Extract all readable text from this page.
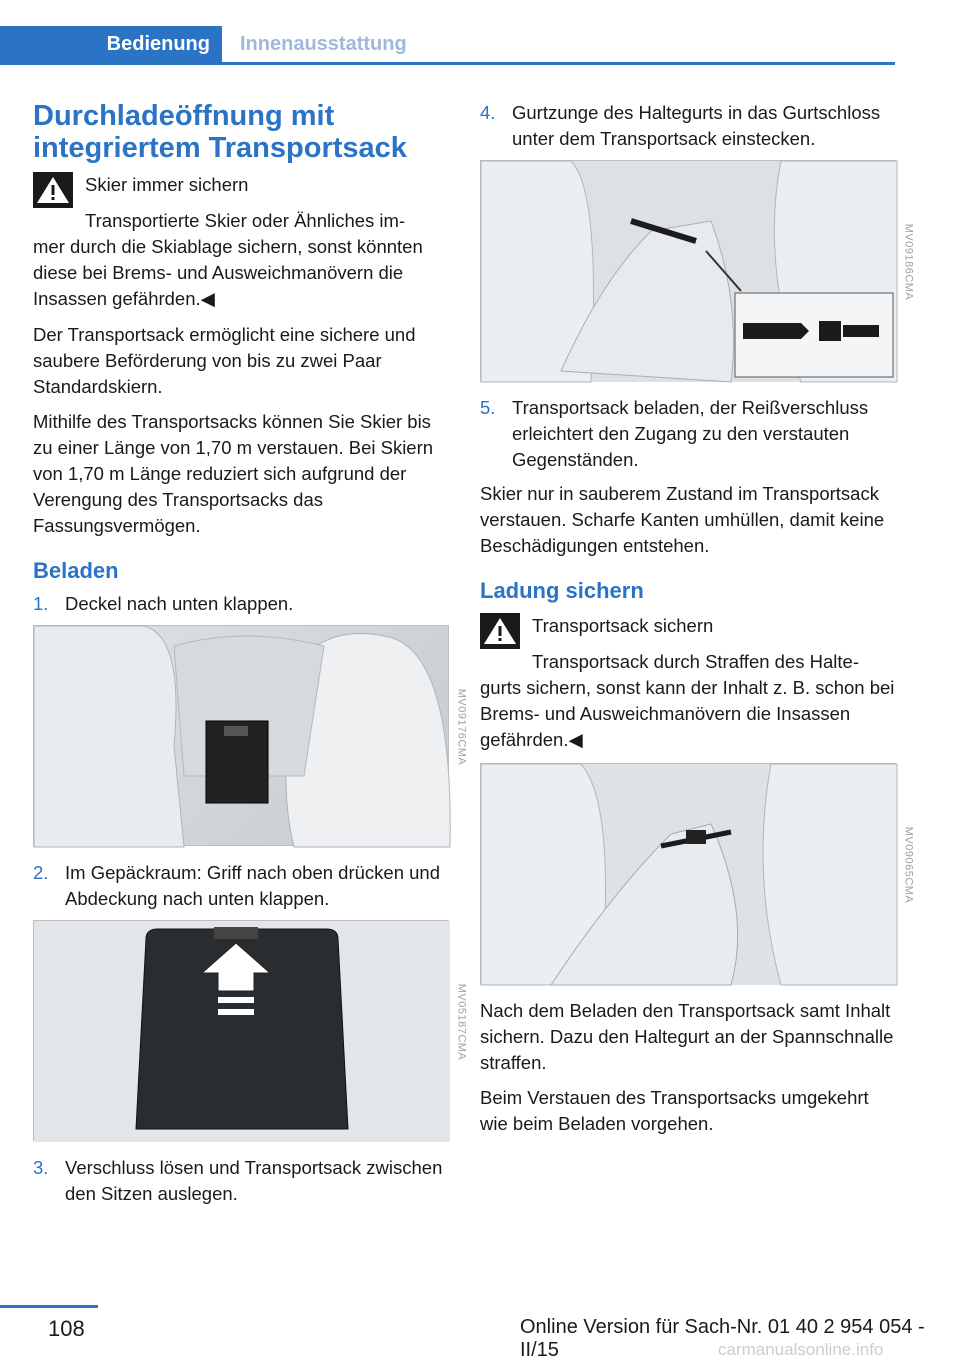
Bedienung	Innenausstattung
Durchladeöffnung mit integriertem Transportsack
Skier immer sichern
Transportierte Skier oder Ähnliches im-
mer durch die Skiablage sichern, sonst könnten diese bei Brems- und Ausweichmanövern die Insassen gefährden.◀

Der Transportsack ermöglicht eine sichere und saubere Beförderung von bis zu zwei Paar Standardskiern.

Mithilfe des Transportsacks können Sie Skier bis zu einer Länge von 1,70 m verstauen. Bei Skiern von 1,70 m Länge reduziert sich aufgrund der Verengung des Transportsacks das Fassungsvermögen.

Beladen
1. Deckel nach unten klappen.
MV09176CMA
2. Im Gepäckraum: Griff nach oben drücken und Abdeckung nach unten klappen.
MV05187CMA
3. Verschluss lösen und Transportsack zwischen den Sitzen auslegen.
4. Gurtzunge des Haltegurts in das Gurtschloss unter dem Transportsack einstecken.
MV09186CMA
5. Transportsack beladen, der Reißverschluss erleichtert den Zugang zu den verstauten Gegenständen.

Skier nur in sauberem Zustand im Transportsack verstauen. Scharfe Kanten umhüllen, damit keine Beschädigungen entstehen.

Ladung sichern
Transportsack sichern
Transportsack durch Straffen des Halte-
gurts sichern, sonst kann der Inhalt z. B. schon bei Brems- und Ausweichmanövern die Insassen gefährden.◀
MV09065CMA

Nach dem Beladen den Transportsack samt Inhalt sichern. Dazu den Haltegurt an der Spannschnalle straffen.

Beim Verstauen des Transportsacks umgekehrt wie beim Beladen vorgehen.

108	Online Version für Sach-Nr. 01 40 2 954 054 - II/15	carmanualsonline.info
